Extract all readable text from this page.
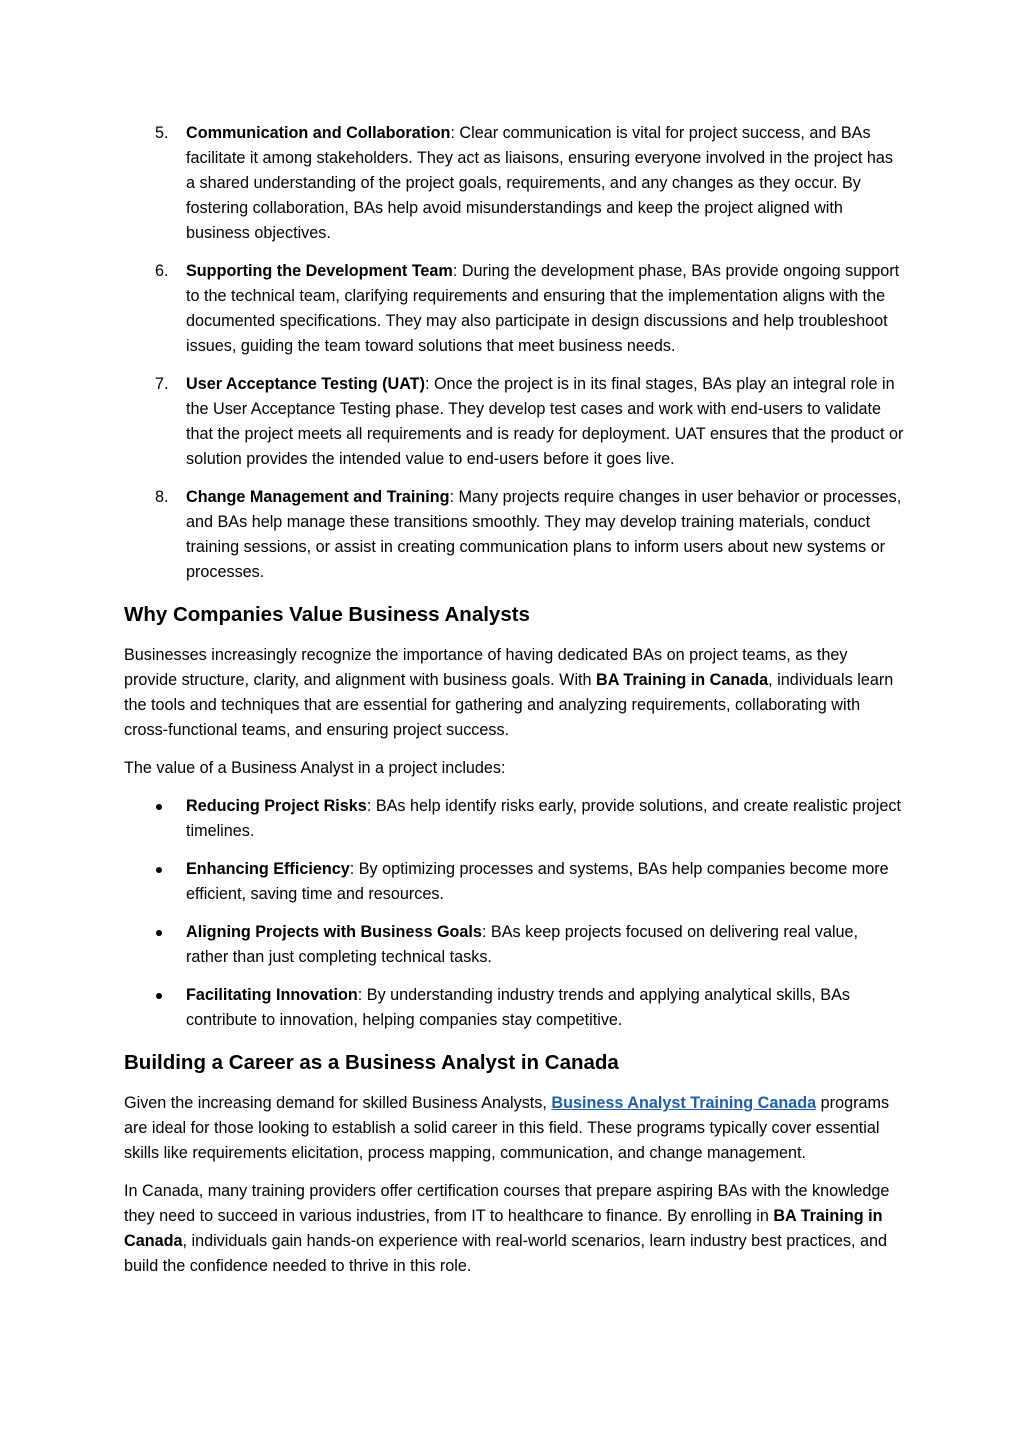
5. Communication and Collaboration: Clear communication is vital for project success, and BAs facilitate it among stakeholders. They act as liaisons, ensuring everyone involved in the project has a shared understanding of the project goals, requirements, and any changes as they occur. By fostering collaboration, BAs help avoid misunderstandings and keep the project aligned with business objectives.
6. Supporting the Development Team: During the development phase, BAs provide ongoing support to the technical team, clarifying requirements and ensuring that the implementation aligns with the documented specifications. They may also participate in design discussions and help troubleshoot issues, guiding the team toward solutions that meet business needs.
7. User Acceptance Testing (UAT): Once the project is in its final stages, BAs play an integral role in the User Acceptance Testing phase. They develop test cases and work with end-users to validate that the project meets all requirements and is ready for deployment. UAT ensures that the product or solution provides the intended value to end-users before it goes live.
8. Change Management and Training: Many projects require changes in user behavior or processes, and BAs help manage these transitions smoothly. They may develop training materials, conduct training sessions, or assist in creating communication plans to inform users about new systems or processes.
Why Companies Value Business Analysts

Businesses increasingly recognize the importance of having dedicated BAs on project teams, as they provide structure, clarity, and alignment with business goals. With BA Training in Canada, individuals learn the tools and techniques that are essential for gathering and analyzing requirements, collaborating with cross-functional teams, and ensuring project success.

The value of a Business Analyst in a project includes:

Reducing Project Risks: BAs help identify risks early, provide solutions, and create realistic project timelines.
Enhancing Efficiency: By optimizing processes and systems, BAs help companies become more efficient, saving time and resources.
Aligning Projects with Business Goals: BAs keep projects focused on delivering real value, rather than just completing technical tasks.
Facilitating Innovation: By understanding industry trends and applying analytical skills, BAs contribute to innovation, helping companies stay competitive.
Building a Career as a Business Analyst in Canada

Given the increasing demand for skilled Business Analysts, Business Analyst Training Canada programs are ideal for those looking to establish a solid career in this field. These programs typically cover essential skills like requirements elicitation, process mapping, communication, and change management.

In Canada, many training providers offer certification courses that prepare aspiring BAs with the knowledge they need to succeed in various industries, from IT to healthcare to finance. By enrolling in BA Training in Canada, individuals gain hands-on experience with real-world scenarios, learn industry best practices, and build the confidence needed to thrive in this role.
